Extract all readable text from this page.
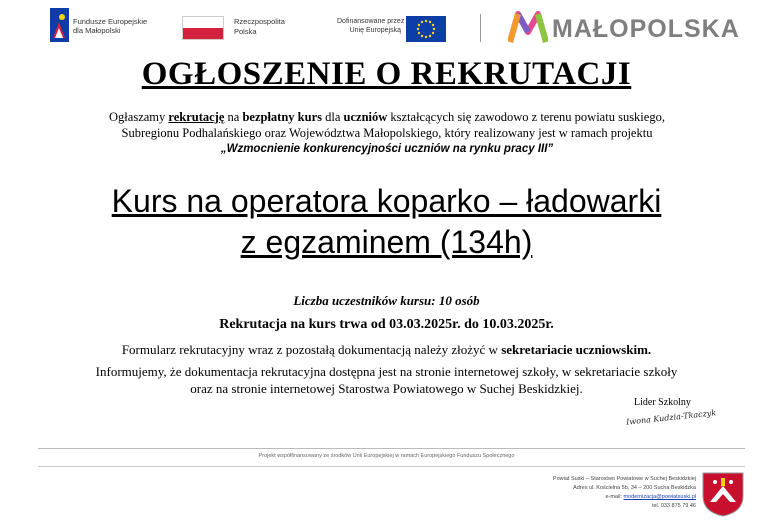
Fundusze Europejskie
dla Małopolski
Rzeczpospolita
Polska
Dofinansowane przez
Unię Europejską	MAŁOPOLSKA
OGŁOSZENIE O REKRUTACJI
Ogłaszamy rekrutację na bezpłatny kurs dla uczniów kształcących się zawodowo z terenu powiatu suskiego,
Subregionu Podhalańskiego oraz Województwa Małopolskiego, który realizowany jest w ramach projektu
„Wzmocnienie konkurencyjności uczniów na rynku pracy III”
Kurs na operatora koparko – ładowarki
z egzaminem (134h)
Liczba uczestników kursu: 10 osób
Rekrutacja na kurs trwa od 03.03.2025r. do 10.03.2025r.
Formularz rekrutacyjny wraz z pozostałą dokumentacją należy złożyć w sekretariacie uczniowskim.
Informujemy, że dokumentacja rekrutacyjna dostępna jest na stronie internetowej szkoły, w sekretariacie szkoły
oraz na stronie internetowej Starostwa Powiatowego w Suchej Beskidzkiej.
Lider Szkolny
Iwona Kudzia-Tkaczyk
Projekt współfinansowany ze środków Unii Europejskiej w ramach Europejskiego Funduszu Społecznego
Powiat Suski – Starostwo Powiatowe w Suchej Beskidzkiej
Adres ul. Kościelna 5b, 34 – 200 Sucha Beskidzka
e-mail: modernizacja@powiatsuski.pl
tel. 033 875 79 46
